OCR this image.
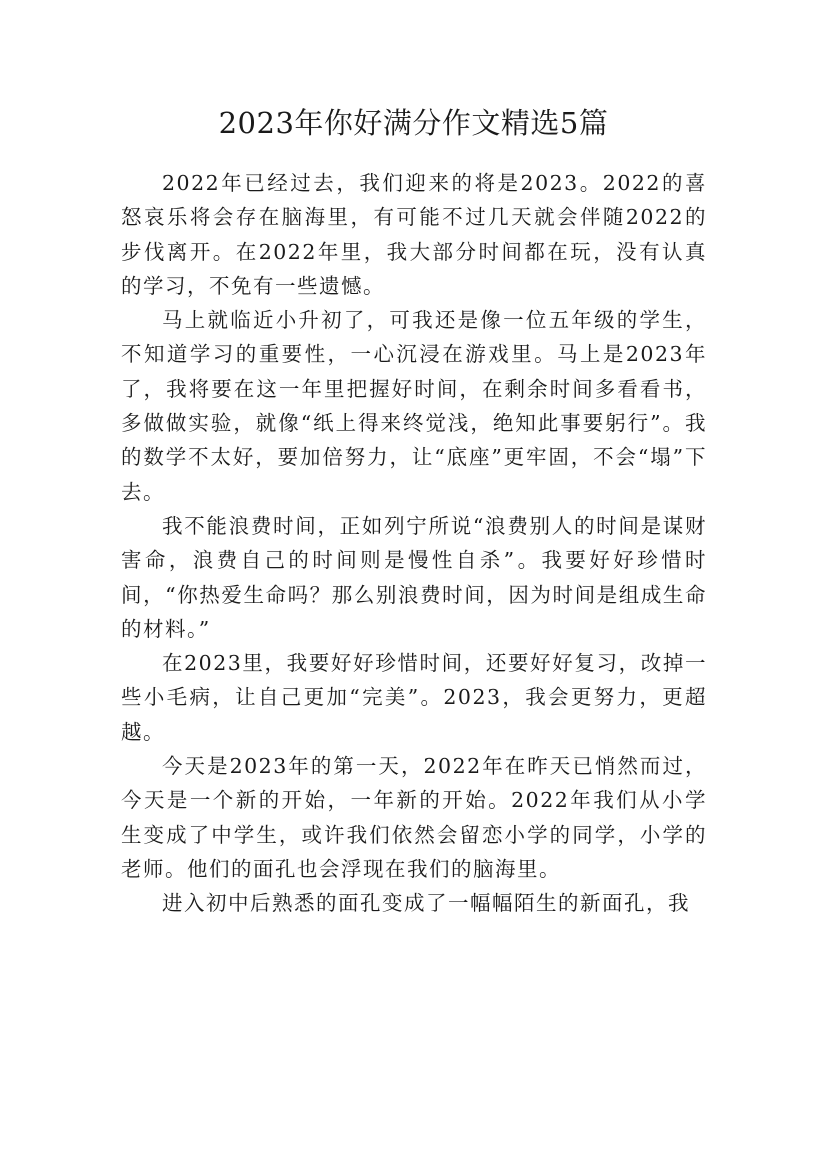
2023年你好满分作文精选5篇

2022年已经过去，我们迎来的将是2023。2022的喜怒哀乐将会存在脑海里，有可能不过几天就会伴随2022的步伐离开。在2022年里，我大部分时间都在玩，没有认真的学习，不免有一些遗憾。

马上就临近小升初了，可我还是像一位五年级的学生，不知道学习的重要性，一心沉浸在游戏里。马上是2023年了，我将要在这一年里把握好时间，在剩余时间多看看书，多做做实验，就像“纸上得来终觉浅，绝知此事要躬行”。我的数学不太好，要加倍努力，让“底座”更牢固，不会“塌”下去。

我不能浪费时间，正如列宁所说“浪费别人的时间是谋财害命，浪费自己的时间则是慢性自杀”。我要好好珍惜时间，“你热爱生命吗？那么别浪费时间，因为时间是组成生命的材料。”

在2023里，我要好好珍惜时间，还要好好复习，改掉一些小毛病，让自己更加“完美”。2023，我会更努力，更超越。

今天是2023年的第一天，2022年在昨天已悄然而过，今天是一个新的开始，一年新的开始。2022年我们从小学生变成了中学生，或许我们依然会留恋小学的同学，小学的老师。他们的面孔也会浮现在我们的脑海里。

进入初中后熟悉的面孔变成了一幅幅陌生的新面孔，我
